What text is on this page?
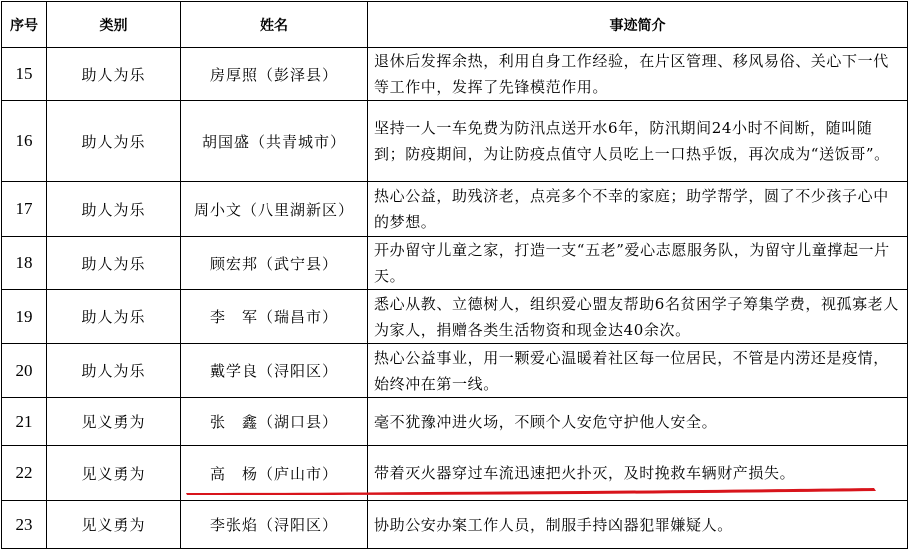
序号	类别	姓名	事迹简介
15	助人为乐	房厚照（彭泽县）	退休后发挥余热，利用自身工作经验，在片区管理、移风易俗、关心下一代等工作中，发挥了先锋模范作用。
16	助人为乐	胡国盛（共青城市）	坚持一人一车免费为防汛点送开水6年，防汛期间24小时不间断，随叫随到；防疫期间，为让防疫点值守人员吃上一口热乎饭，再次成为“送饭哥”。
17	助人为乐	周小文（八里湖新区）	热心公益，助残济老，点亮多个不幸的家庭；助学帮学，圆了不少孩子心中的梦想。
18	助人为乐	顾宏邦（武宁县）	开办留守儿童之家，打造一支“五老”爱心志愿服务队，为留守儿童撑起一片天。
19	助人为乐	李　军（瑞昌市）	悉心从教、立德树人，组织爱心盟友帮助6名贫困学子筹集学费，视孤寡老人为家人，捐赠各类生活物资和现金达40余次。
20	助人为乐	戴学良（浔阳区）	热心公益事业，用一颗爱心温暖着社区每一位居民，不管是内涝还是疫情，始终冲在第一线。
21	见义勇为	张　鑫（湖口县）	毫不犹豫冲进火场，不顾个人安危守护他人安全。
22	见义勇为	高　杨（庐山市）	带着灭火器穿过车流迅速把火扑灭，及时挽救车辆财产损失。
23	见义勇为	李张焰（浔阳区）	协助公安办案工作人员，制服手持凶器犯罪嫌疑人。
